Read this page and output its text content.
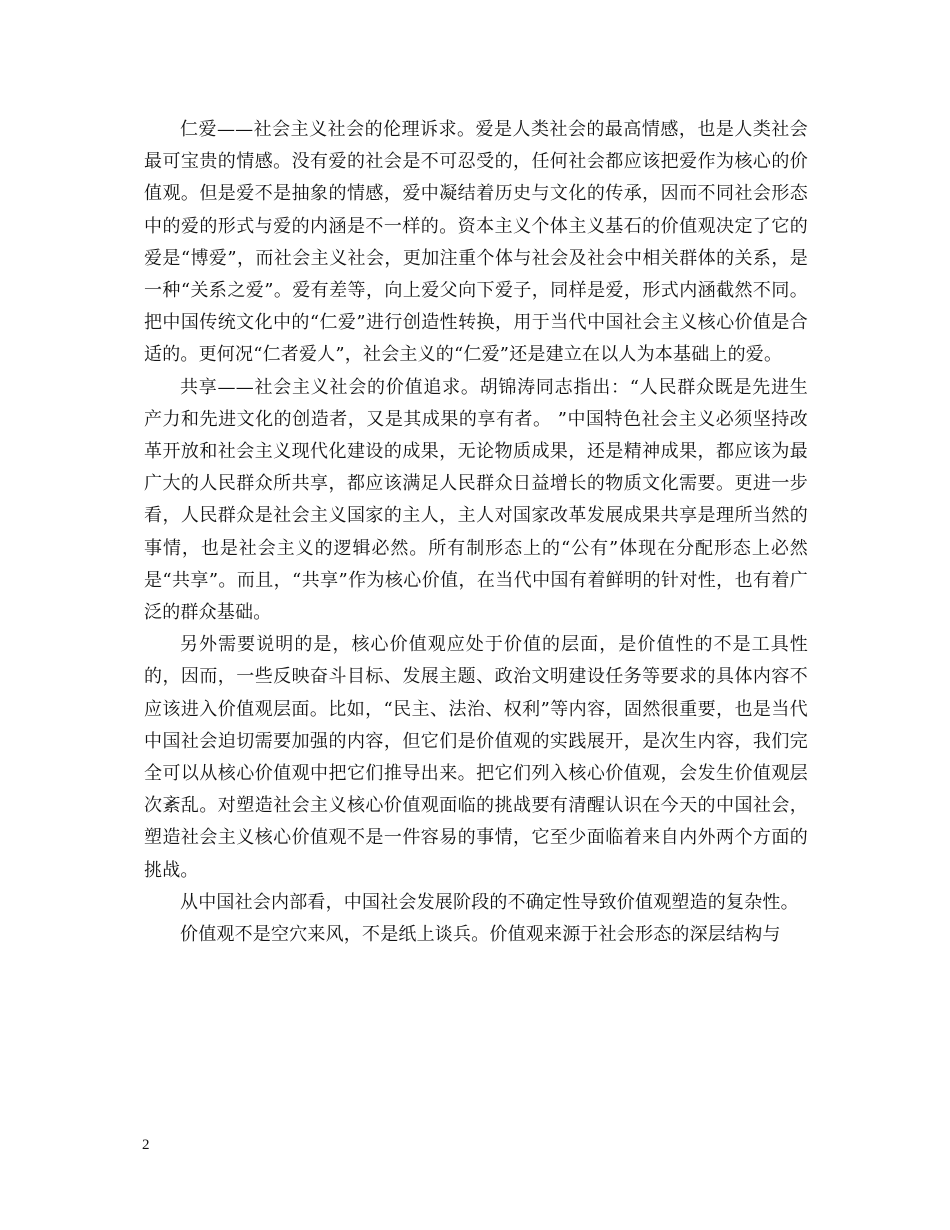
仁爱——社会主义社会的伦理诉求。爱是人类社会的最高情感，也是人类社会最可宝贵的情感。没有爱的社会是不可忍受的，任何社会都应该把爱作为核心的价值观。但是爱不是抽象的情感，爱中凝结着历史与文化的传承，因而不同社会形态中的爱的形式与爱的内涵是不一样的。资本主义个体主义基石的价值观决定了它的爱是“博爱”，而社会主义社会，更加注重个体与社会及社会中相关群体的关系，是一种“关系之爱”。爱有差等，向上爱父向下爱子，同样是爱，形式内涵截然不同。把中国传统文化中的“仁爱”进行创造性转换，用于当代中国社会主义核心价值是合适的。更何况“仁者爱人”，社会主义的“仁爱”还是建立在以人为本基础上的爱。

共享——社会主义社会的价值追求。胡锦涛同志指出：“人民群众既是先进生产力和先进文化的创造者，又是其成果的享有者。 ”中国特色社会主义必须坚持改革开放和社会主义现代化建设的成果，无论物质成果，还是精神成果，都应该为最广大的人民群众所共享，都应该满足人民群众日益增长的物质文化需要。更进一步看，人民群众是社会主义国家的主人，主人对国家改革发展成果共享是理所当然的事情，也是社会主义的逻辑必然。所有制形态上的“公有”体现在分配形态上必然是“共享”。而且，“共享”作为核心价值，在当代中国有着鲜明的针对性，也有着广泛的群众基础。

另外需要说明的是，核心价值观应处于价值的层面，是价值性的不是工具性的，因而，一些反映奋斗目标、发展主题、政治文明建设任务等要求的具体内容不应该进入价值观层面。比如，“民主、法治、权利”等内容，固然很重要，也是当代中国社会迫切需要加强的内容，但它们是价值观的实践展开，是次生内容，我们完全可以从核心价值观中把它们推导出来。把它们列入核心价值观，会发生价值观层次紊乱。对塑造社会主义核心价值观面临的挑战要有清醒认识在今天的中国社会，塑造社会主义核心价值观不是一件容易的事情，它至少面临着来自内外两个方面的挑战。

从中国社会内部看，中国社会发展阶段的不确定性导致价值观塑造的复杂性。

价值观不是空穴来风，不是纸上谈兵。价值观来源于社会形态的深层结构与

2
